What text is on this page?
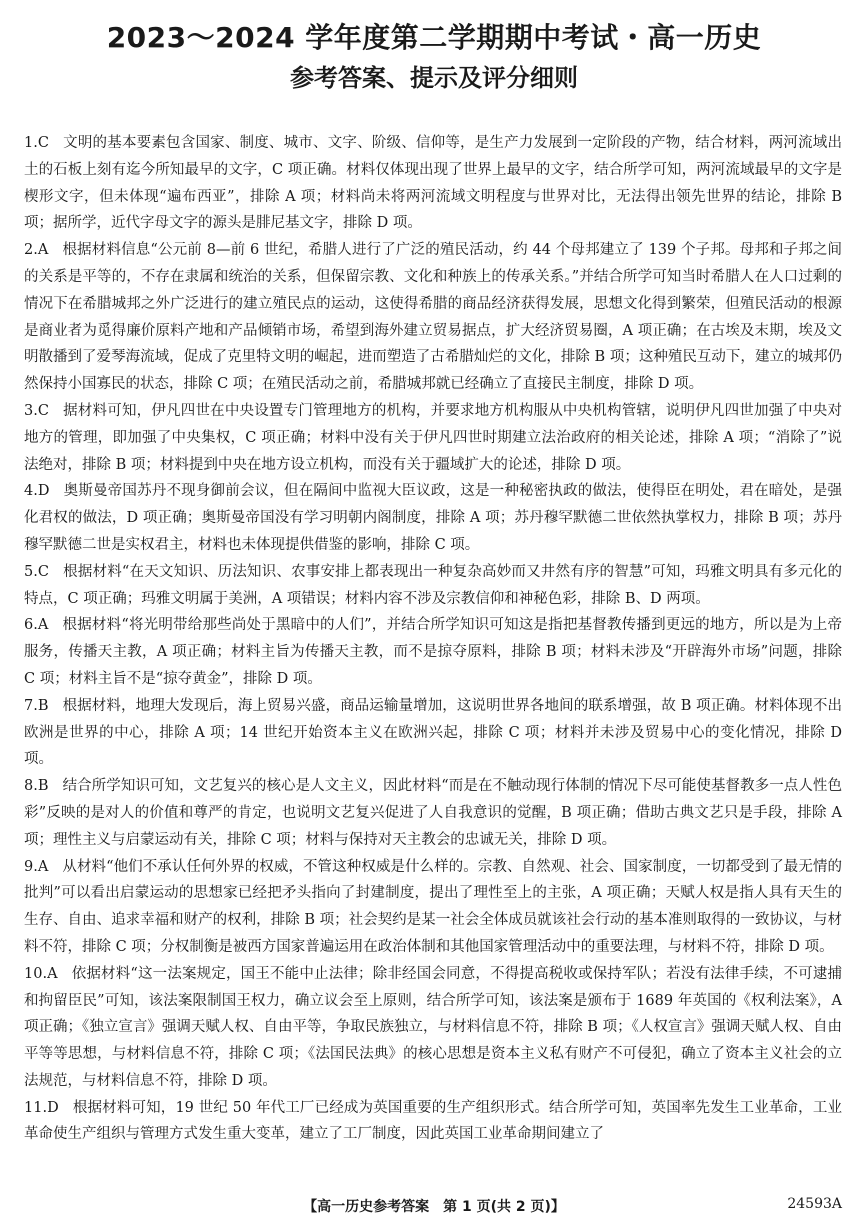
2023～2024 学年度第二学期期中考试・高一历史
参考答案、提示及评分细则
1.C 文明的基本要素包含国家、制度、城市、文字、阶级、信仰等，是生产力发展到一定阶段的产物，结合材料，两河流域出土的石板上刻有迄今所知最早的文字，C 项正确。材料仅体现出现了世界上最早的文字，结合所学可知，两河流域最早的文字是楔形文字，但未体现“遍布西亚”，排除 A 项；材料尚未将两河流域文明程度与世界对比，无法得出领先世界的结论，排除 B 项；据所学，近代字母文字的源头是腓尼基文字，排除 D 项。
2.A 根据材料信息“公元前 8—前 6 世纪，希腊人进行了广泛的殖民活动，约 44 个母邦建立了 139 个子邦。母邦和子邦之间的关系是平等的，不存在隶属和统治的关系，但保留宗教、文化和种族上的传承关系。”并结合所学可知当时希腊人在人口过剩的情况下在希腊城邦之外广泛进行的建立殖民点的运动，这使得希腊的商品经济获得发展，思想文化得到繁荣，但殖民活动的根源是商业者为觅得廉价原料产地和产品倾销市场，希望到海外建立贸易据点，扩大经济贸易圈，A 项正确；在古埃及末期，埃及文明散播到了爱琴海流域，促成了克里特文明的崛起，进而塑造了古希腊灿烂的文化，排除 B 项；这种殖民互动下，建立的城邦仍然保持小国寡民的状态，排除 C 项；在殖民活动之前，希腊城邦就已经确立了直接民主制度，排除 D 项。
3.C 据材料可知，伊凡四世在中央设置专门管理地方的机构，并要求地方机构服从中央机构管辖，说明伊凡四世加强了中央对地方的管理，即加强了中央集权，C 项正确；材料中没有关于伊凡四世时期建立法治政府的相关论述，排除 A 项；“消除了”说法绝对，排除 B 项；材料提到中央在地方设立机构，而没有关于疆域扩大的论述，排除 D 项。
4.D 奥斯曼帝国苏丹不现身御前会议，但在隔间中监视大臣议政，这是一种秘密执政的做法，使得臣在明处，君在暗处，是强化君权的做法，D 项正确；奥斯曼帝国没有学习明朝内阁制度，排除 A 项；苏丹穆罕默德二世依然执掌权力，排除 B 项；苏丹穆罕默德二世是实权君主，材料也未体现提供借鉴的影响，排除 C 项。
5.C 根据材料“在天文知识、历法知识、农事安排上都表现出一种复杂高妙而又井然有序的智慧”可知，玛雅文明具有多元化的特点，C 项正确；玛雅文明属于美洲，A 项错误；材料内容不涉及宗教信仰和神秘色彩，排除 B、D 两项。
6.A 根据材料“将光明带给那些尚处于黑暗中的人们”，并结合所学知识可知这是指把基督教传播到更远的地方，所以是为上帝服务，传播天主教，A 项正确；材料主旨为传播天主教，而不是掠夺原料，排除 B 项；材料未涉及“开辟海外市场”问题，排除 C 项；材料主旨不是“掠夺黄金”，排除 D 项。
7.B 根据材料，地理大发现后，海上贸易兴盛，商品运输量增加，这说明世界各地间的联系增强，故 B 项正确。材料体现不出欧洲是世界的中心，排除 A 项；14 世纪开始资本主义在欧洲兴起，排除 C 项；材料并未涉及贸易中心的变化情况，排除 D 项。
8.B 结合所学知识可知，文艺复兴的核心是人文主义，因此材料“而是在不触动现行体制的情况下尽可能使基督教多一点人性色彩”反映的是对人的价值和尊严的肯定，也说明文艺复兴促进了人自我意识的觉醒，B 项正确；借助古典文艺只是手段，排除 A 项；理性主义与启蒙运动有关，排除 C 项；材料与保持对天主教会的忠诚无关，排除 D 项。
9.A 从材料“他们不承认任何外界的权威，不管这种权威是什么样的。宗教、自然观、社会、国家制度，一切都受到了最无情的批判”可以看出启蒙运动的思想家已经把矛头指向了封建制度，提出了理性至上的主张，A 项正确；天赋人权是指人具有天生的生存、自由、追求幸福和财产的权利，排除 B 项；社会契约是某一社会全体成员就该社会行动的基本准则取得的一致协议，与材料不符，排除 C 项；分权制衡是被西方国家普遍运用在政治体制和其他国家管理活动中的重要法理，与材料不符，排除 D 项。
10.A 依据材料“这一法案规定，国王不能中止法律；除非经国会同意，不得提高税收或保持军队；若没有法律手续，不可逮捕和拘留臣民”可知，该法案限制国王权力，确立议会至上原则，结合所学可知，该法案是颁布于 1689 年英国的《权利法案》，A 项正确；《独立宣言》强调天赋人权、自由平等，争取民族独立，与材料信息不符，排除 B 项；《人权宣言》强调天赋人权、自由平等等思想，与材料信息不符，排除 C 项；《法国民法典》的核心思想是资本主义私有财产不可侵犯，确立了资本主义社会的立法规范，与材料信息不符，排除 D 项。
11.D 根据材料可知，19 世纪 50 年代工厂已经成为英国重要的生产组织形式。结合所学可知，英国率先发生工业革命，工业革命使生产组织与管理方式发生重大变革，建立了工厂制度，因此英国工业革命期间建立了
【高一历史参考答案　第 1 页(共 2 页)】	24593A
